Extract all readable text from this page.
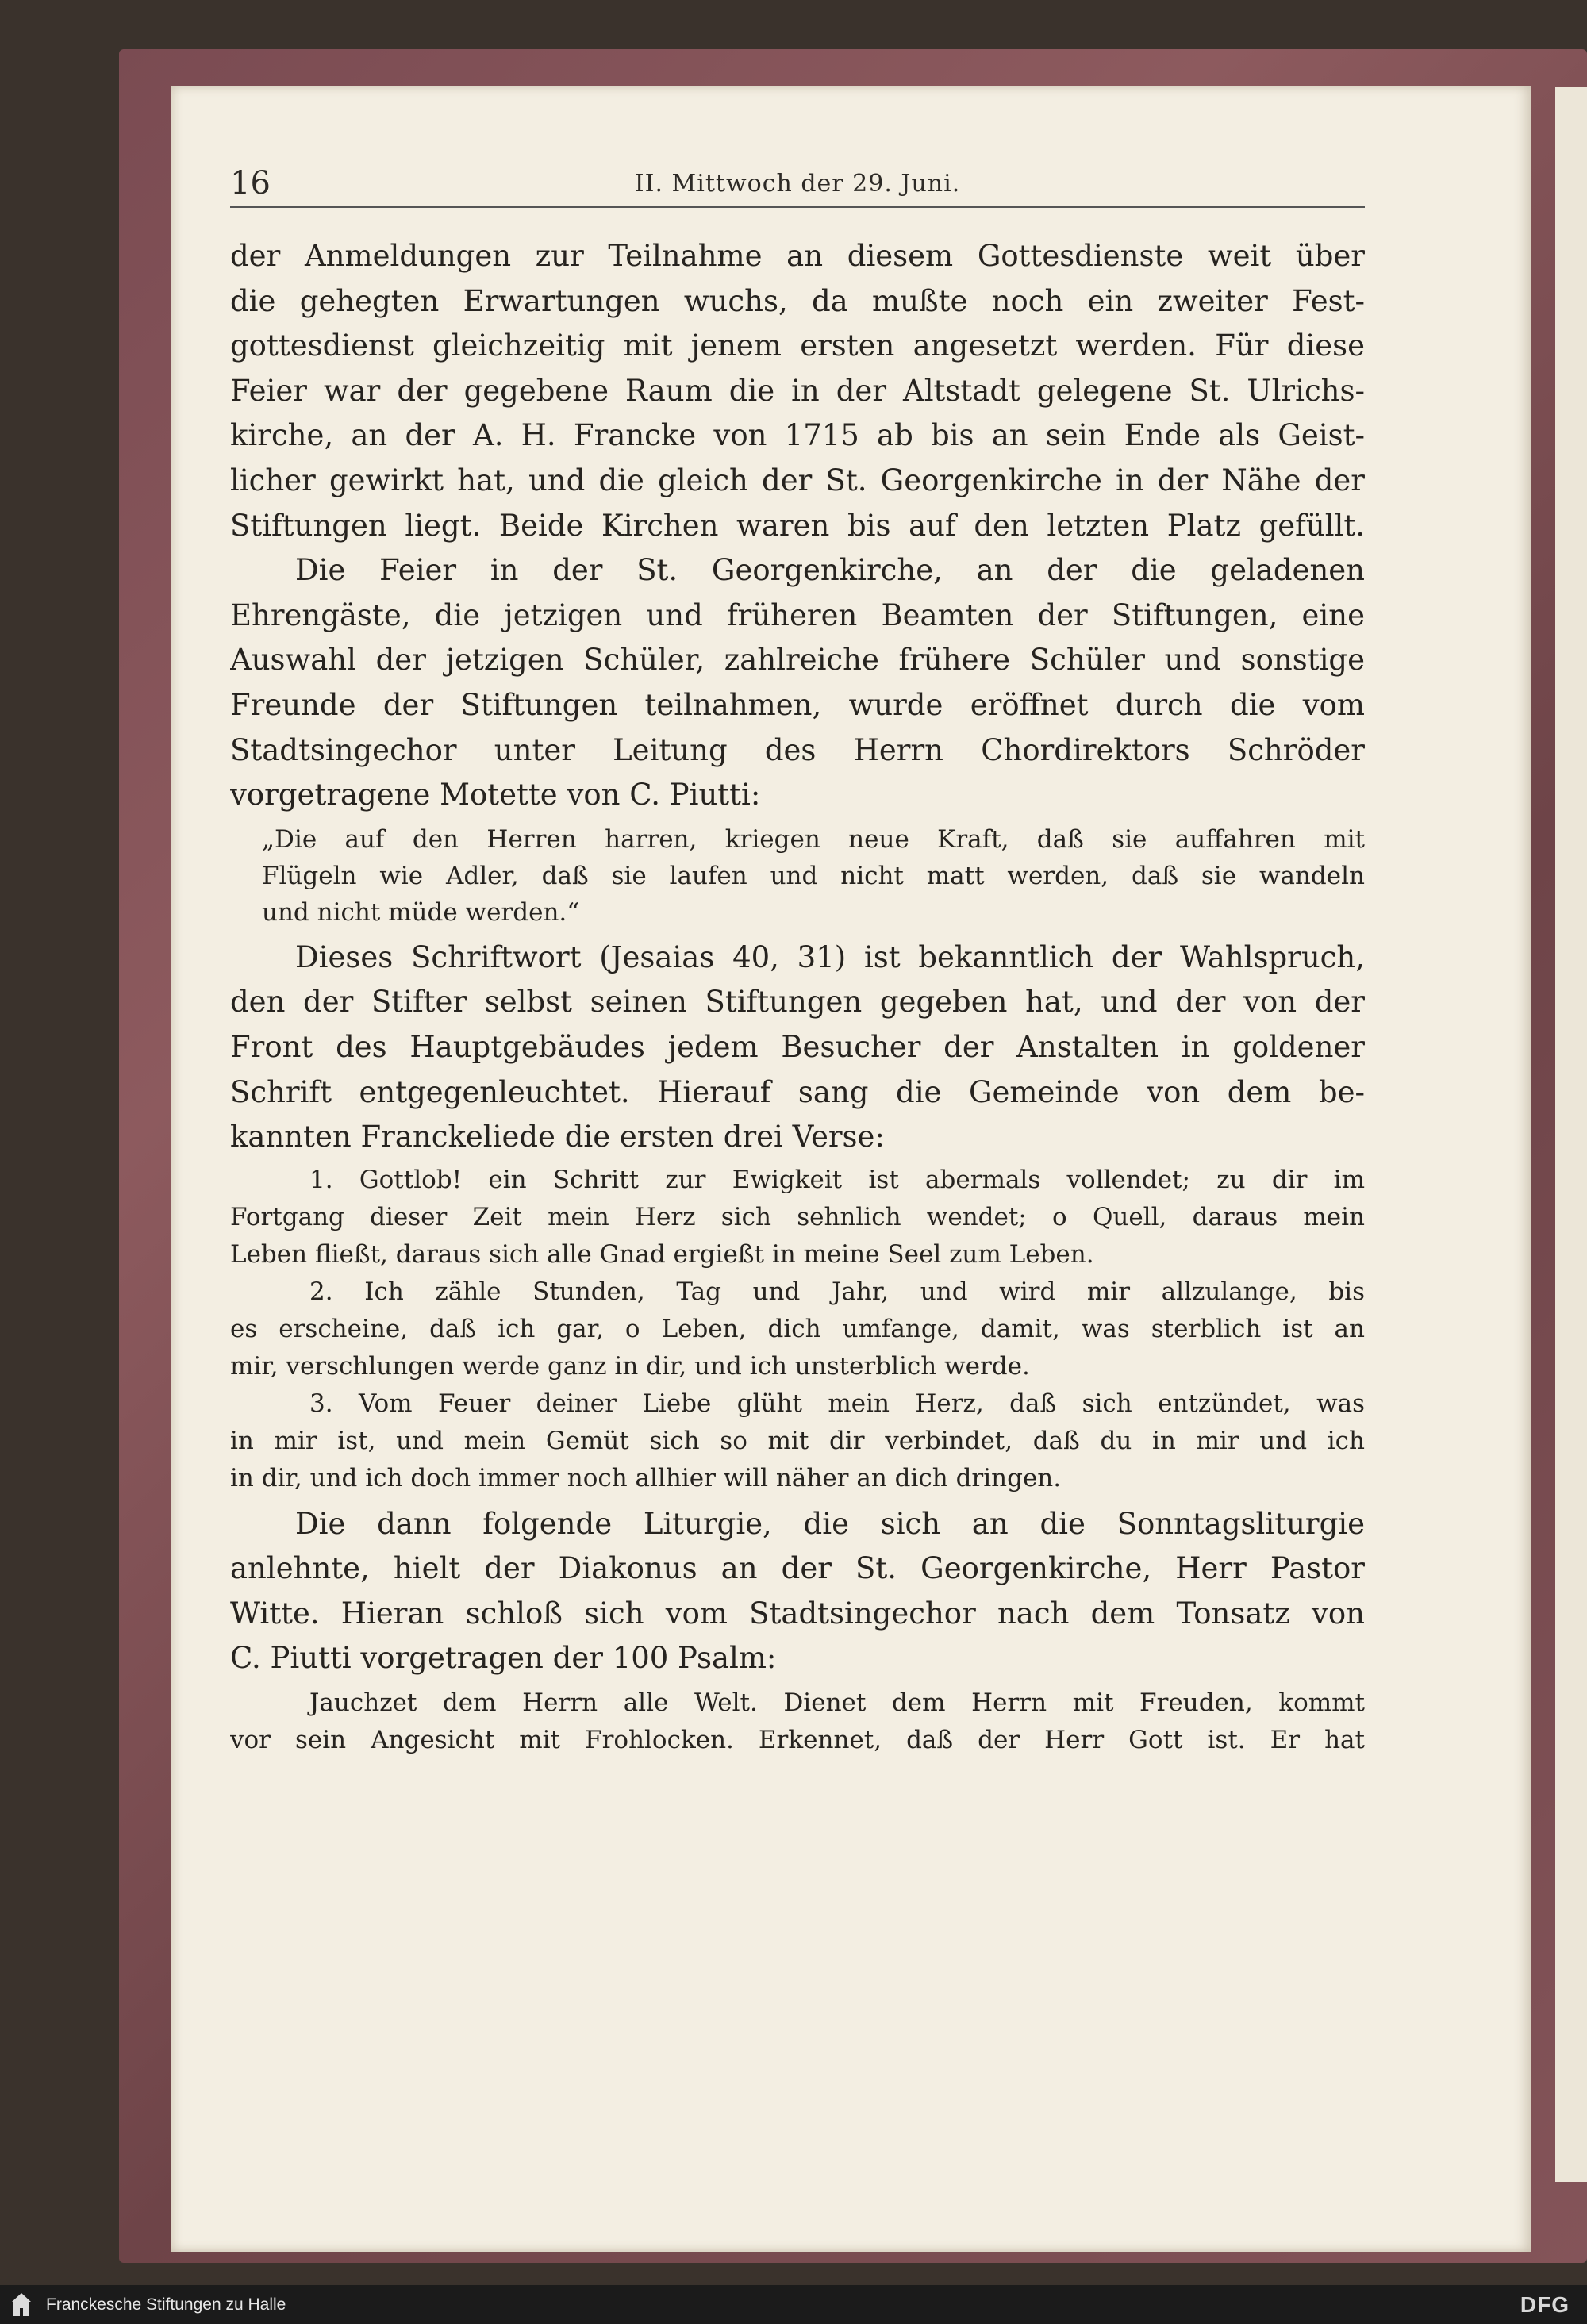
16	II. Mittwoch der 29. Juni.
der Anmeldungen zur Teilnahme an diesem Gottesdienste weit über
die gehegten Erwartungen wuchs, da mußte noch ein zweiter Fest-
gottesdienst gleichzeitig mit jenem ersten angesetzt werden. Für diese
Feier war der gegebene Raum die in der Altstadt gelegene St. Ulrichs-
kirche, an der A. H. Francke von 1715 ab bis an sein Ende als Geist-
licher gewirkt hat, und die gleich der St. Georgenkirche in der Nähe der
Stiftungen liegt. Beide Kirchen waren bis auf den letzten Platz gefüllt.
Die Feier in der St. Georgenkirche, an der die geladenen
Ehrengäste, die jetzigen und früheren Beamten der Stiftungen, eine
Auswahl der jetzigen Schüler, zahlreiche frühere Schüler und sonstige
Freunde der Stiftungen teilnahmen, wurde eröffnet durch die vom
Stadtsingechor unter Leitung des Herrn Chordirektors Schröder
vorgetragene Motette von C. Piutti:
„Die auf den Herren harren, kriegen neue Kraft, daß sie auffahren mit
Flügeln wie Adler, daß sie laufen und nicht matt werden, daß sie wandeln
und nicht müde werden.“
Dieses Schriftwort (Jesaias 40, 31) ist bekanntlich der Wahlspruch,
den der Stifter selbst seinen Stiftungen gegeben hat, und der von der
Front des Hauptgebäudes jedem Besucher der Anstalten in goldener
Schrift entgegenleuchtet. Hierauf sang die Gemeinde von dem be-
kannten Franckeliede die ersten drei Verse:
1. Gottlob! ein Schritt zur Ewigkeit ist abermals vollendet; zu dir im
Fortgang dieser Zeit mein Herz sich sehnlich wendet; o Quell, daraus mein
Leben fließt, daraus sich alle Gnad ergießt in meine Seel zum Leben.
2. Ich zähle Stunden, Tag und Jahr, und wird mir allzulange, bis
es erscheine, daß ich gar, o Leben, dich umfange, damit, was sterblich ist an
mir, verschlungen werde ganz in dir, und ich unsterblich werde.
3. Vom Feuer deiner Liebe glüht mein Herz, daß sich entzündet, was
in mir ist, und mein Gemüt sich so mit dir verbindet, daß du in mir und ich
in dir, und ich doch immer noch allhier will näher an dich dringen.
Die dann folgende Liturgie, die sich an die Sonntagsliturgie
anlehnte, hielt der Diakonus an der St. Georgenkirche, Herr Pastor
Witte. Hieran schloß sich vom Stadtsingechor nach dem Tonsatz von
C. Piutti vorgetragen der 100 Psalm:
Jauchzet dem Herrn alle Welt. Dienet dem Herrn mit Freuden, kommt
vor sein Angesicht mit Frohlocken. Erkennet, daß der Herr Gott ist. Er hat
Franckesche Stiftungen zu Halle	DFG
